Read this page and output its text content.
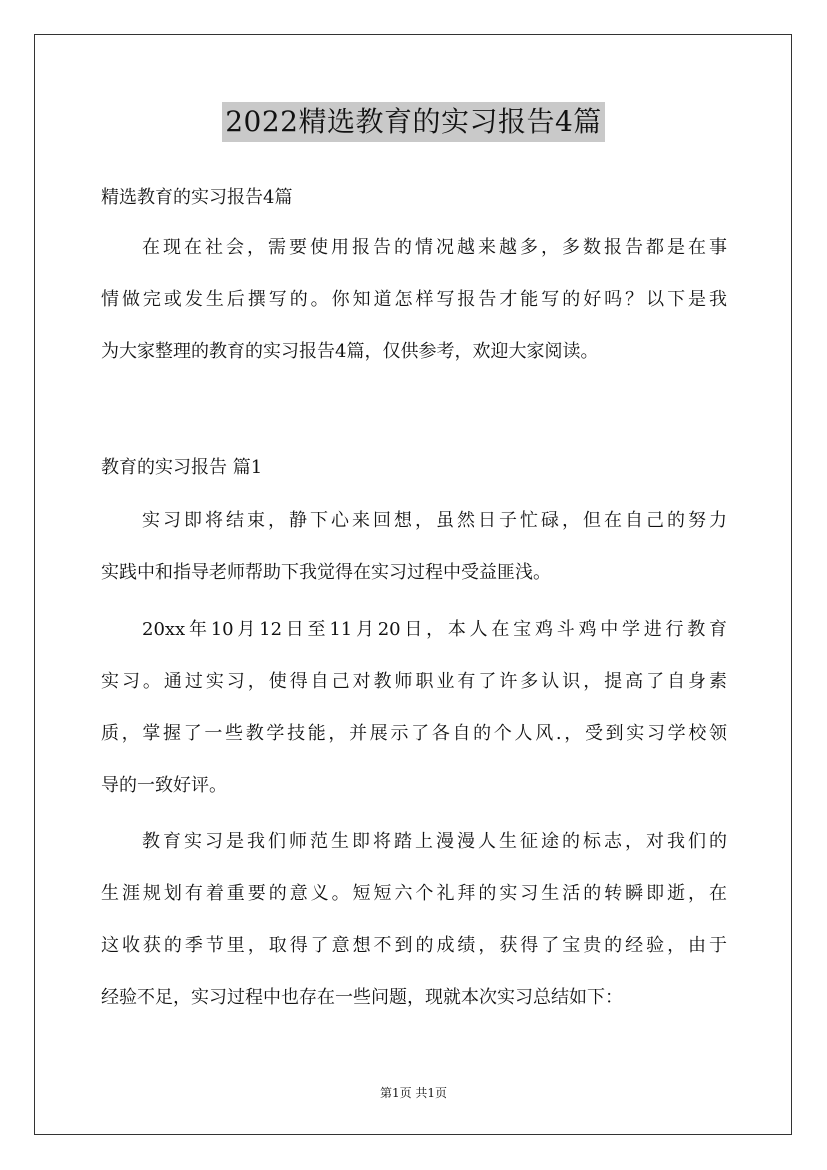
2022精选教育的实习报告4篇

精选教育的实习报告4篇

在现在社会，需要使用报告的情况越来越多，多数报告都是在事
情做完或发生后撰写的。你知道怎样写报告才能写的好吗？以下是我
为大家整理的教育的实习报告4篇，仅供参考，欢迎大家阅读。

教育的实习报告 篇1

实习即将结束，静下心来回想，虽然日子忙碌，但在自己的努力
实践中和指导老师帮助下我觉得在实习过程中受益匪浅。
20xx年10月12日至11月20日，本人在宝鸡斗鸡中学进行教育
实习。通过实习，使得自己对教师职业有了许多认识，提高了自身素
质，掌握了一些教学技能，并展示了各自的个人风.，受到实习学校领
导的一致好评。
教育实习是我们师范生即将踏上漫漫人生征途的标志，对我们的
生涯规划有着重要的意义。短短六个礼拜的实习生活的转瞬即逝，在
这收获的季节里，取得了意想不到的成绩，获得了宝贵的经验，由于
经验不足，实习过程中也存在一些问题，现就本次实习总结如下：
第1页 共1页
